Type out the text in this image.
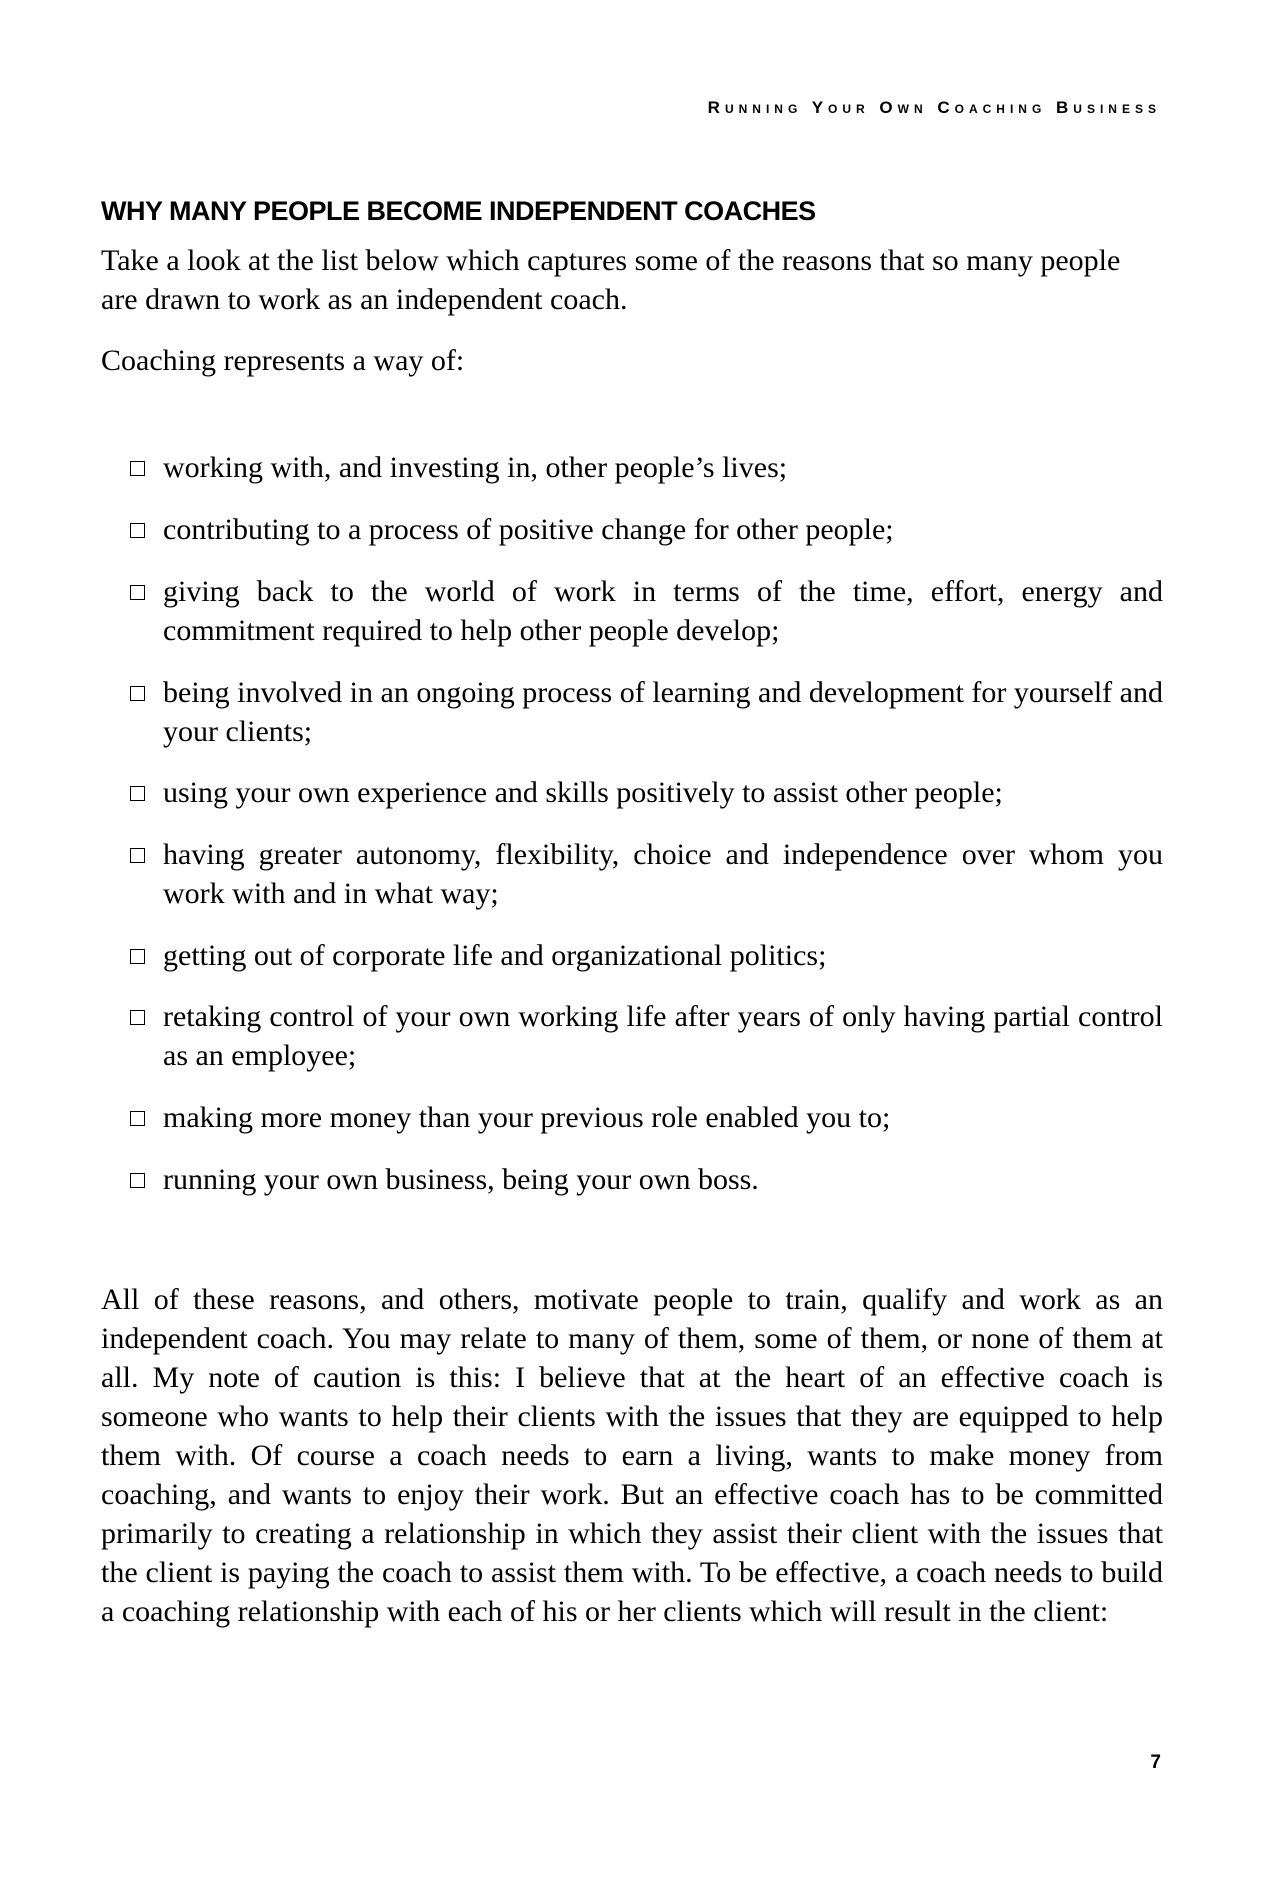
Running Your Own Coaching Business
WHY MANY PEOPLE BECOME INDEPENDENT COACHES

Take a look at the list below which captures some of the reasons that so many people are drawn to work as an independent coach.

Coaching represents a way of:

working with, and investing in, other people’s lives;
contributing to a process of positive change for other people;
giving back to the world of work in terms of the time, effort, energy and commitment required to help other people develop;
being involved in an ongoing process of learning and development for yourself and your clients;
using your own experience and skills positively to assist other people;
having greater autonomy, flexibility, choice and independence over whom you work with and in what way;
getting out of corporate life and organizational politics;
retaking control of your own working life after years of only having partial control as an employee;
making more money than your previous role enabled you to;
running your own business, being your own boss.

All of these reasons, and others, motivate people to train, qualify and work as an independent coach. You may relate to many of them, some of them, or none of them at all. My note of caution is this: I believe that at the heart of an effective coach is someone who wants to help their clients with the issues that they are equipped to help them with. Of course a coach needs to earn a living, wants to make money from coaching, and wants to enjoy their work. But an effective coach has to be committed primarily to creating a relationship in which they assist their client with the issues that the client is paying the coach to assist them with. To be effective, a coach needs to build a coaching relationship with each of his or her clients which will result in the client:

7
